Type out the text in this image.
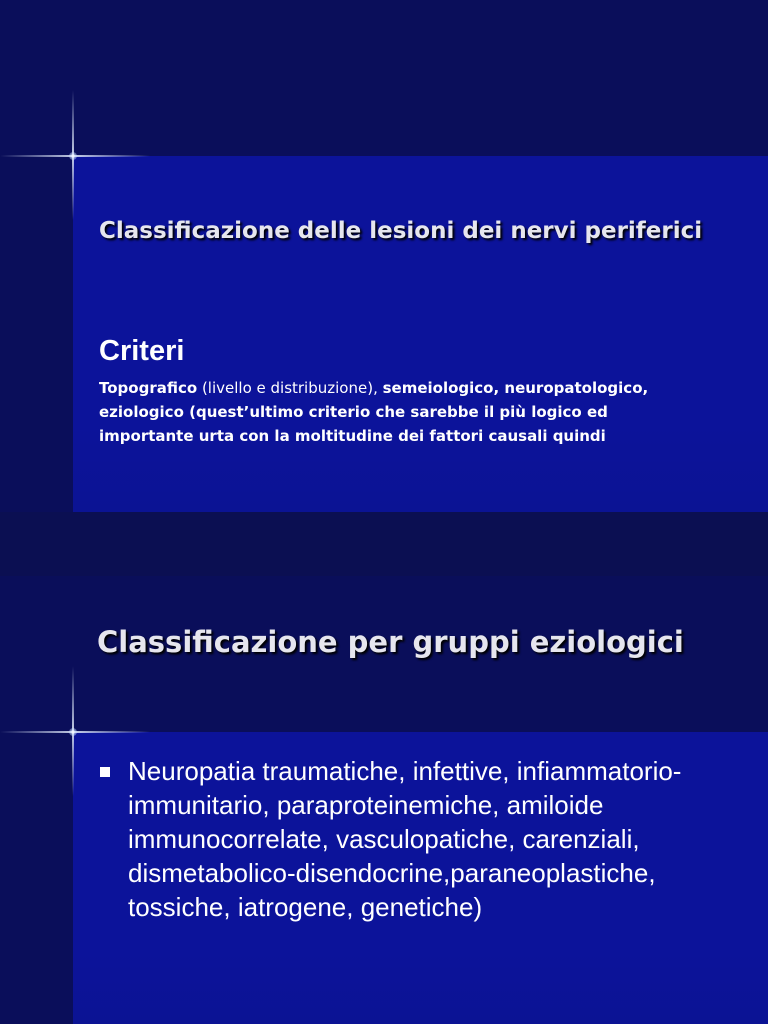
Classificazione delle lesioni dei nervi periferici
Criteri

Topografico (livello e distribuzione), semeiologico, neuropatologico, eziologico (quest’ultimo criterio che sarebbe il più logico ed importante urta con la moltitudine dei fattori causali quindi

Classificazione per gruppi eziologici
Neuropatia traumatiche, infettive, infiammatorio-immunitario, paraproteinemiche, amiloide immunocorrelate, vasculopatiche, carenziali, dismetabolico-disendocrine,paraneoplastiche, tossiche, iatrogene, genetiche)
